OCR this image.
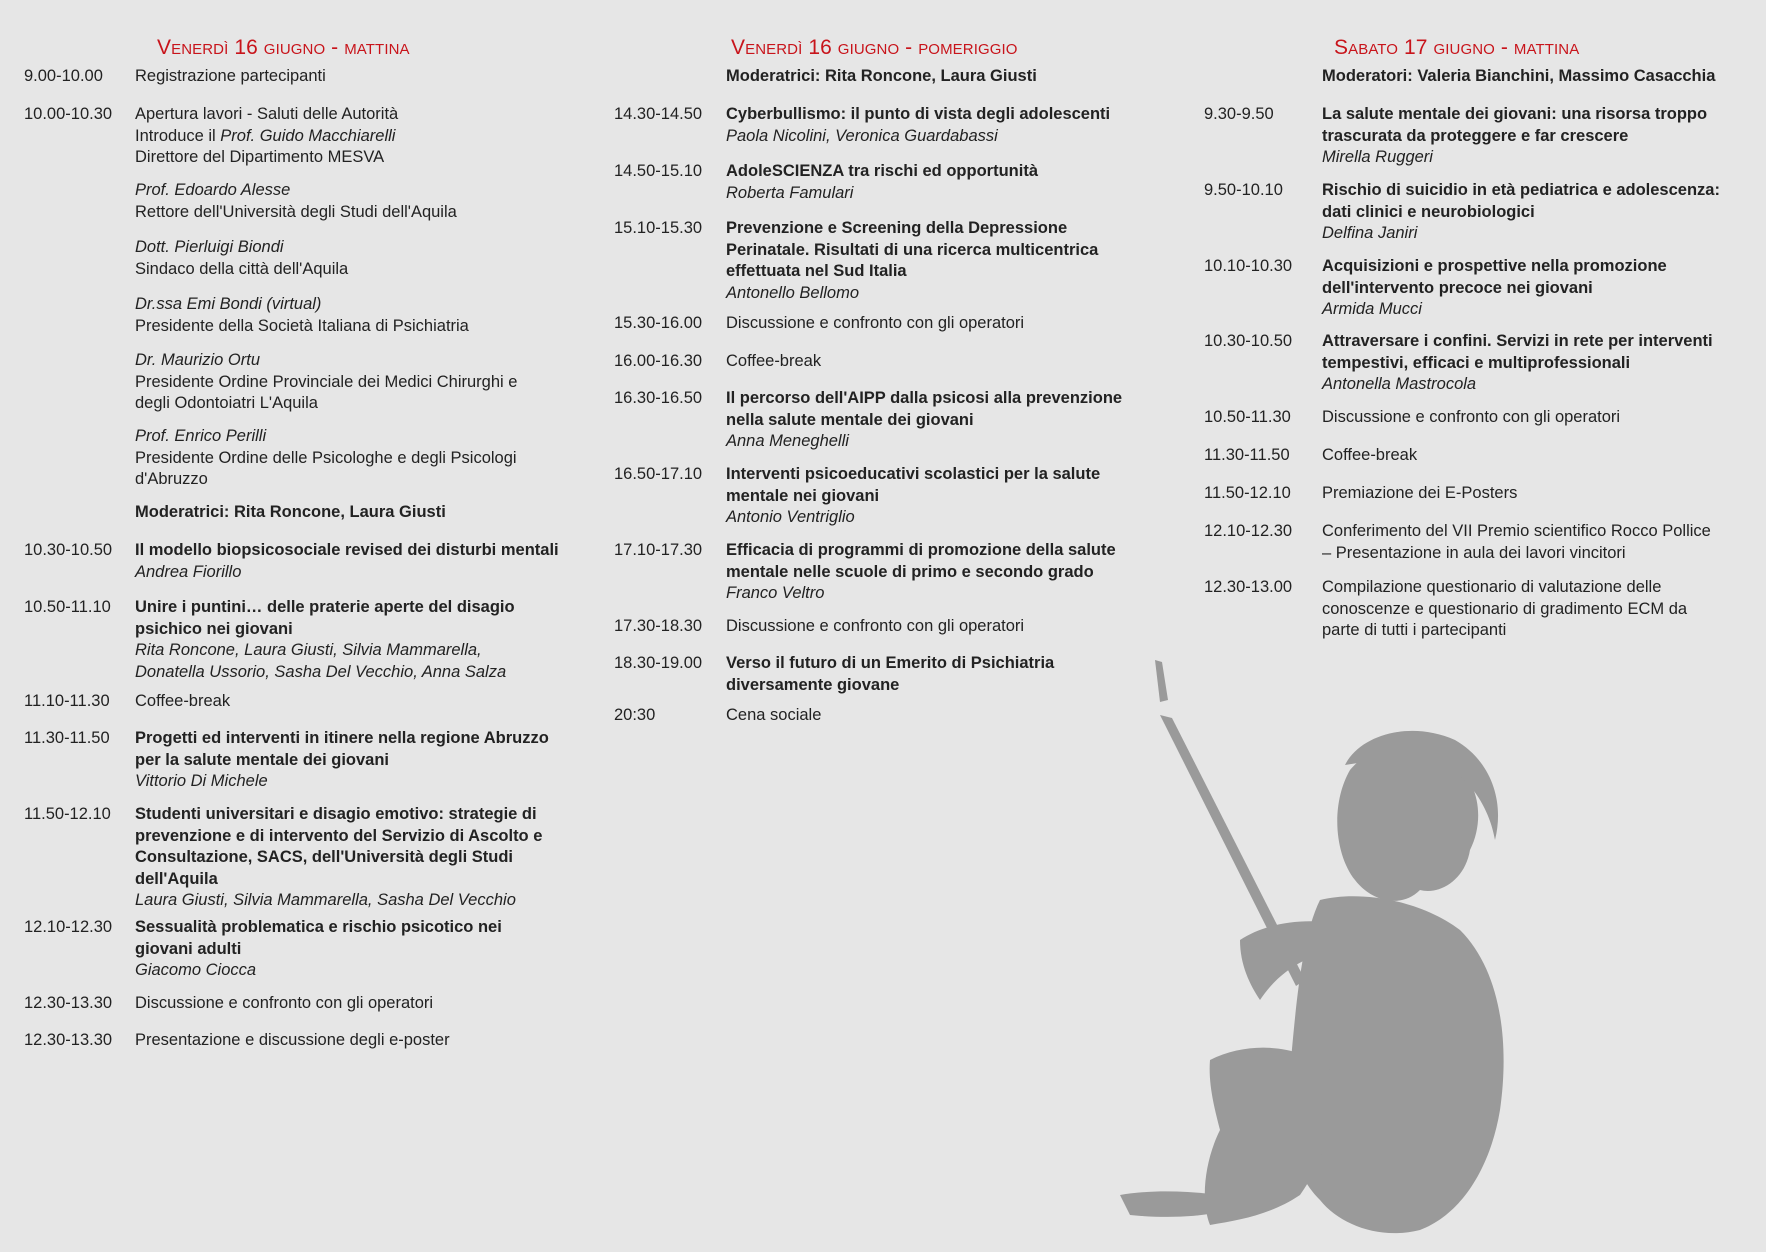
Venerdì 16 giugno - mattina
9.00-10.00 Registrazione partecipanti
10.00-10.30 Apertura lavori - Saluti delle Autorità
Introduce il Prof. Guido Macchiarelli
Direttore del Dipartimento MESVA
Prof. Edoardo Alesse
Rettore dell'Università degli Studi dell'Aquila
Dott. Pierluigi Biondi
Sindaco della città dell'Aquila
Dr.ssa Emi Bondi (virtual)
Presidente della Società Italiana di Psichiatria
Dr. Maurizio Ortu
Presidente Ordine Provinciale dei Medici Chirurghi e
degli Odontoiatri L'Aquila
Prof. Enrico Perilli
Presidente Ordine delle Psicologhe e degli Psicologi
d'Abruzzo
Moderatrici: Rita Roncone, Laura Giusti
10.30-10.50 Il modello biopsicosociale revised dei disturbi mentali
Andrea Fiorillo
10.50-11.10 Unire i puntini… delle praterie aperte del disagio
psichico nei giovani
Rita Roncone, Laura Giusti, Silvia Mammarella,
Donatella Ussorio, Sasha Del Vecchio, Anna Salza
11.10-11.30 Coffee-break
11.30-11.50 Progetti ed interventi in itinere nella regione Abruzzo
per la salute mentale dei giovani
Vittorio Di Michele
11.50-12.10 Studenti universitari e disagio emotivo: strategie di
prevenzione e di intervento del Servizio di Ascolto e
Consultazione, SACS, dell'Università degli Studi
dell'Aquila
Laura Giusti, Silvia Mammarella, Sasha Del Vecchio
12.10-12.30 Sessualità problematica e rischio psicotico nei
giovani adulti
Giacomo Ciocca
12.30-13.30 Discussione e confronto con gli operatori
12.30-13.30 Presentazione e discussione degli e-poster
Venerdì 16 giugno - pomeriggio
Moderatrici: Rita Roncone, Laura Giusti
14.30-14.50 Cyberbullismo: il punto di vista degli adolescenti
Paola Nicolini, Veronica Guardabassi
14.50-15.10 AdoleSCIENZA tra rischi ed opportunità
Roberta Famulari
15.10-15.30 Prevenzione e Screening della Depressione
Perinatale. Risultati di una ricerca multicentrica
effettuata nel Sud Italia
Antonello Bellomo
15.30-16.00 Discussione e confronto con gli operatori
16.00-16.30 Coffee-break
16.30-16.50 Il percorso dell'AIPP dalla psicosi alla prevenzione
nella salute mentale dei giovani
Anna Meneghelli
16.50-17.10 Interventi psicoeducativi scolastici per la salute
mentale nei giovani
Antonio Ventriglio
17.10-17.30 Efficacia di programmi di promozione della salute
mentale nelle scuole di primo e secondo grado
Franco Veltro
17.30-18.30 Discussione e confronto con gli operatori
18.30-19.00 Verso il futuro di un Emerito di Psichiatria
diversamente giovane
20:30	Cena sociale
Sabato 17 giugno - mattina
Moderatori: Valeria Bianchini, Massimo Casacchia
9.30-9.50	La salute mentale dei giovani: una risorsa troppo
trascurata da proteggere e far crescere
Mirella Ruggeri
9.50-10.10 Rischio di suicidio in età pediatrica e adolescenza:
dati clinici e neurobiologici
Delfina Janiri
10.10-10.30 Acquisizioni e prospettive nella promozione
dell'intervento precoce nei giovani
Armida Mucci
10.30-10.50 Attraversare i confini. Servizi in rete per interventi
tempestivi, efficaci e multiprofessionali
Antonella Mastrocola
10.50-11.30 Discussione e confronto con gli operatori
11.30-11.50 Coffee-break
11.50-12.10 Premiazione dei E-Posters
12.10-12.30 Conferimento del VII Premio scientifico Rocco Pollice
– Presentazione in aula dei lavori vincitori
12.30-13.00 Compilazione questionario di valutazione delle
conoscenze e questionario di gradimento ECM da
parte di tutti i partecipanti
